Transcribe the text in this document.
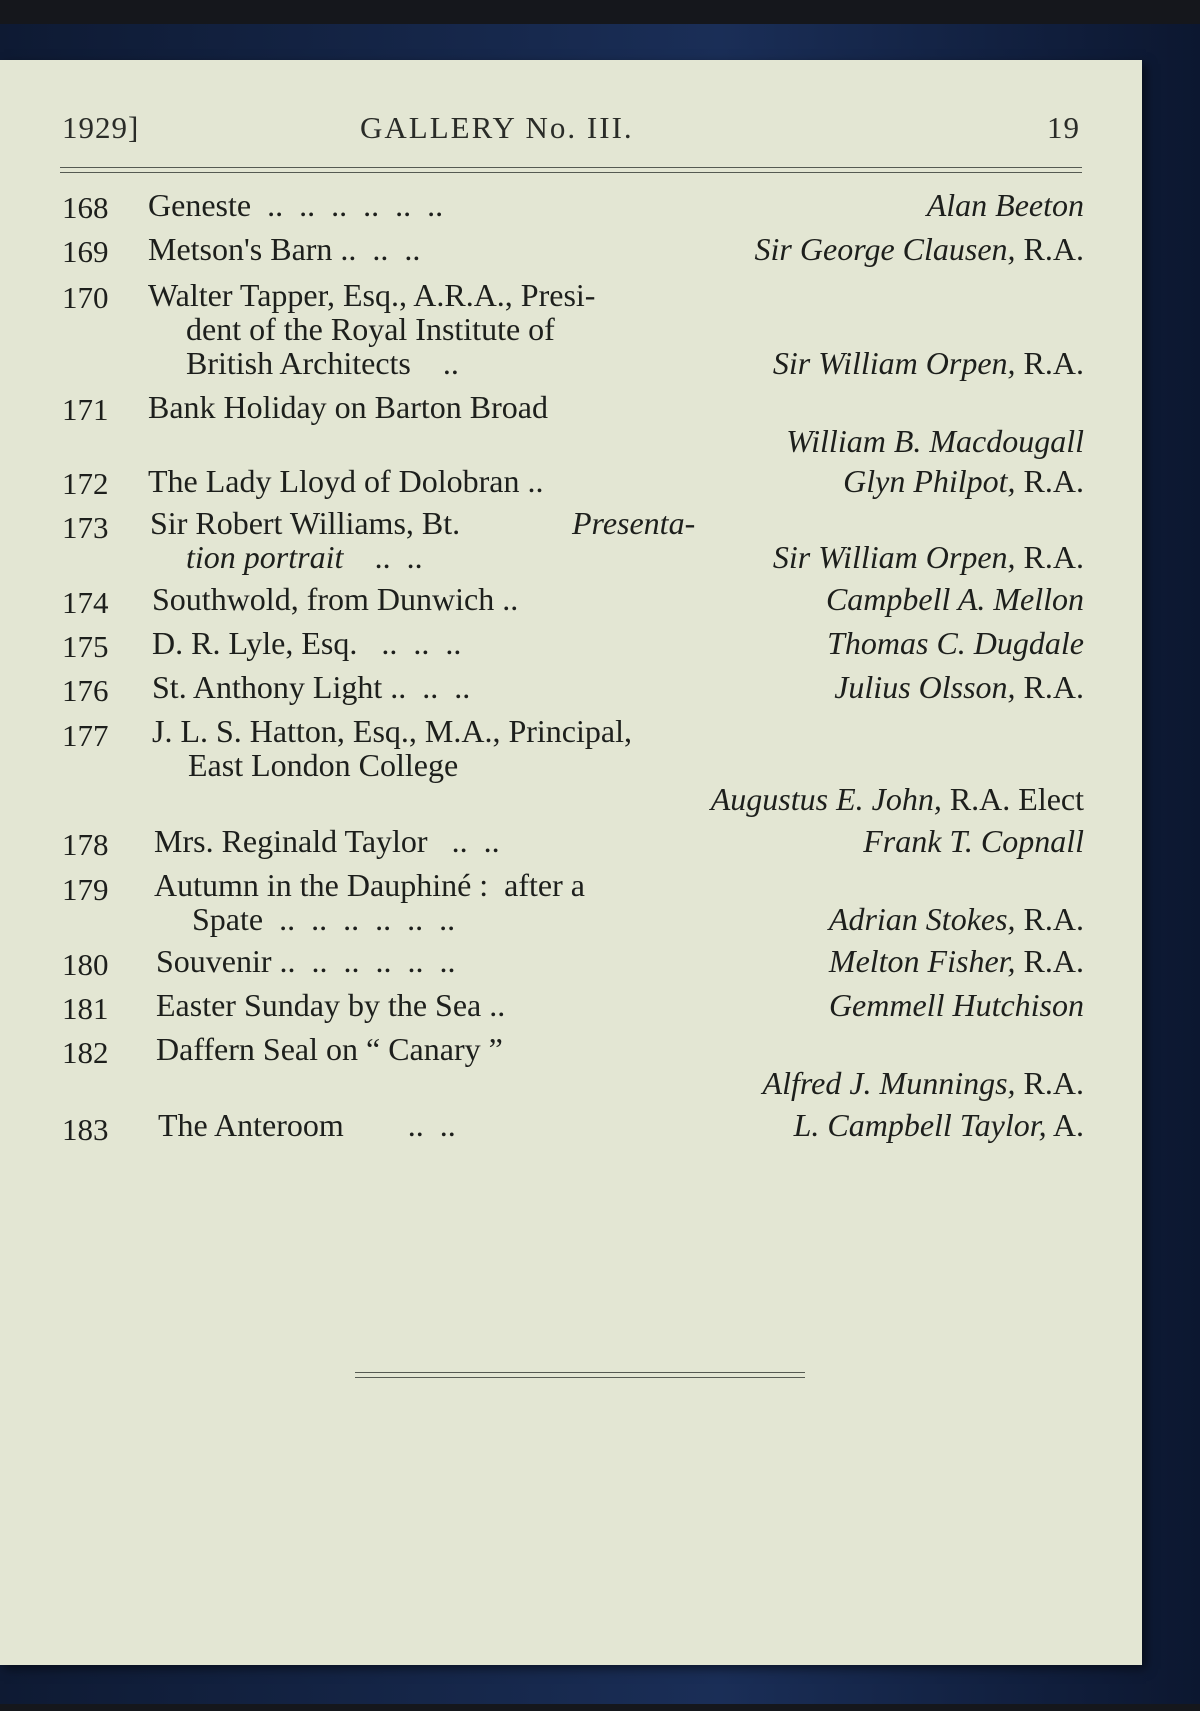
1929]	GALLERY No. III.	19
168 Geneste  ..  ..  ..  ..  ..  ..	Alan Beeton
169 Metson's Barn ..  ..  ..	Sir George Clausen, R.A.
170 Walter Tapper, Esq., A.R.A., Presi-
dent of the Royal Institute of
British Architects    ..	Sir William Orpen, R.A.
171 Bank Holiday on Barton Broad
William B. Macdougall
172 The Lady Lloyd of Dolobran ..	Glyn Philpot, R.A.
173 Sir Robert Williams, Bt.	Presenta-
tion portrait    ..  ..	Sir William Orpen, R.A.
174 Southwold, from Dunwich ..	Campbell A. Mellon
175 D. R. Lyle, Esq.   ..  ..  ..	Thomas C. Dugdale
176 St. Anthony Light ..  ..  ..	Julius Olsson, R.A.
177 J. L. S. Hatton, Esq., M.A., Principal,
East London College
Augustus E. John, R.A. Elect
178 Mrs. Reginald Taylor   ..  ..	Frank T. Copnall
179 Autumn in the Dauphiné :  after a
Spate  ..  ..  ..  ..  ..  ..	Adrian Stokes, R.A.
180 Souvenir ..  ..  ..  ..  ..  ..	Melton Fisher, R.A.
181 Easter Sunday by the Sea ..	Gemmell Hutchison
182 Daffern Seal on “ Canary ”
Alfred J. Munnings, R.A.
183 The Anteroom        ..  ..	L. Campbell Taylor, A.
